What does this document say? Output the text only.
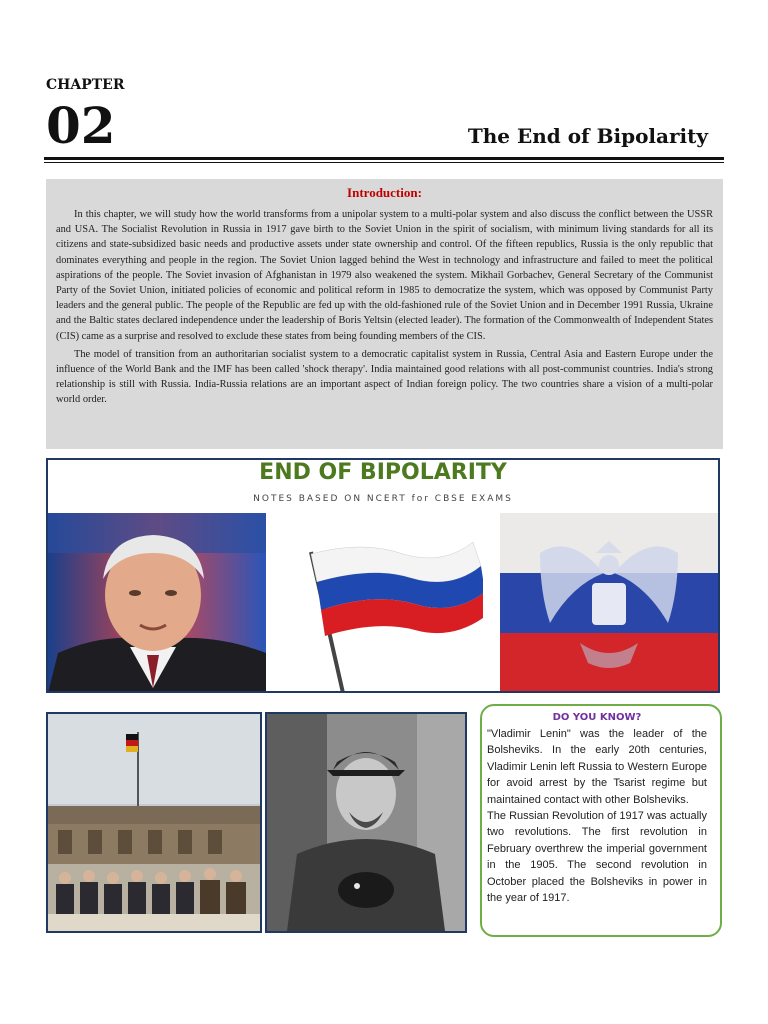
CHAPTER
02	The End of Bipolarity
Introduction:

In this chapter, we will study how the world transforms from a unipolar system to a multi-polar system and also discuss the conflict between the USSR and USA. The Socialist Revolution in Russia in 1917 gave birth to the Soviet Union in the spirit of socialism, with minimum living standards for all its citizens and state-subsidized basic needs and productive assets under state ownership and control. Of the fifteen republics, Russia is the only republic that dominates everything and people in the region. The Soviet Union lagged behind the West in technology and infrastructure and failed to meet the political aspirations of the people. The Soviet invasion of Afghanistan in 1979 also weakened the system. Mikhail Gorbachev, General Secretary of the Communist Party of the Soviet Union, initiated policies of economic and political reform in 1985 to democratize the system, which was opposed by Communist Party leaders and the general public. The people of the Republic are fed up with the old-fashioned rule of the Soviet Union and in December 1991 Russia, Ukraine and the Baltic states declared independence under the leadership of Boris Yeltsin (elected leader). The formation of the Commonwealth of Independent States (CIS) came as a surprise and resolved to exclude these states from being founding members of the CIS.

The model of transition from an authoritarian socialist system to a democratic capitalist system in Russia, Central Asia and Eastern Europe under the influence of the World Bank and the IMF has been called 'shock therapy'. India maintained good relations with all post-communist countries. India's strong relationship is still with Russia. India-Russia relations are an important aspect of Indian foreign policy. The two countries share a vision of a multi-polar world order.

END OF BIPOLARITY
NOTES BASED ON NCERT for CBSE EXAMS
DO YOU KNOW?

"Vladimir Lenin" was the leader of the Bolsheviks. In the early 20th centuries, Vladimir Lenin left Russia to Western Europe for avoid arrest by the Tsarist regime but maintained contact with other Bolsheviks.

The Russian Revolution of 1917 was actually two revolutions. The first revolution in February overthrew the imperial government in the 1905. The second revolution in October placed the Bolsheviks in power in the year of 1917.
